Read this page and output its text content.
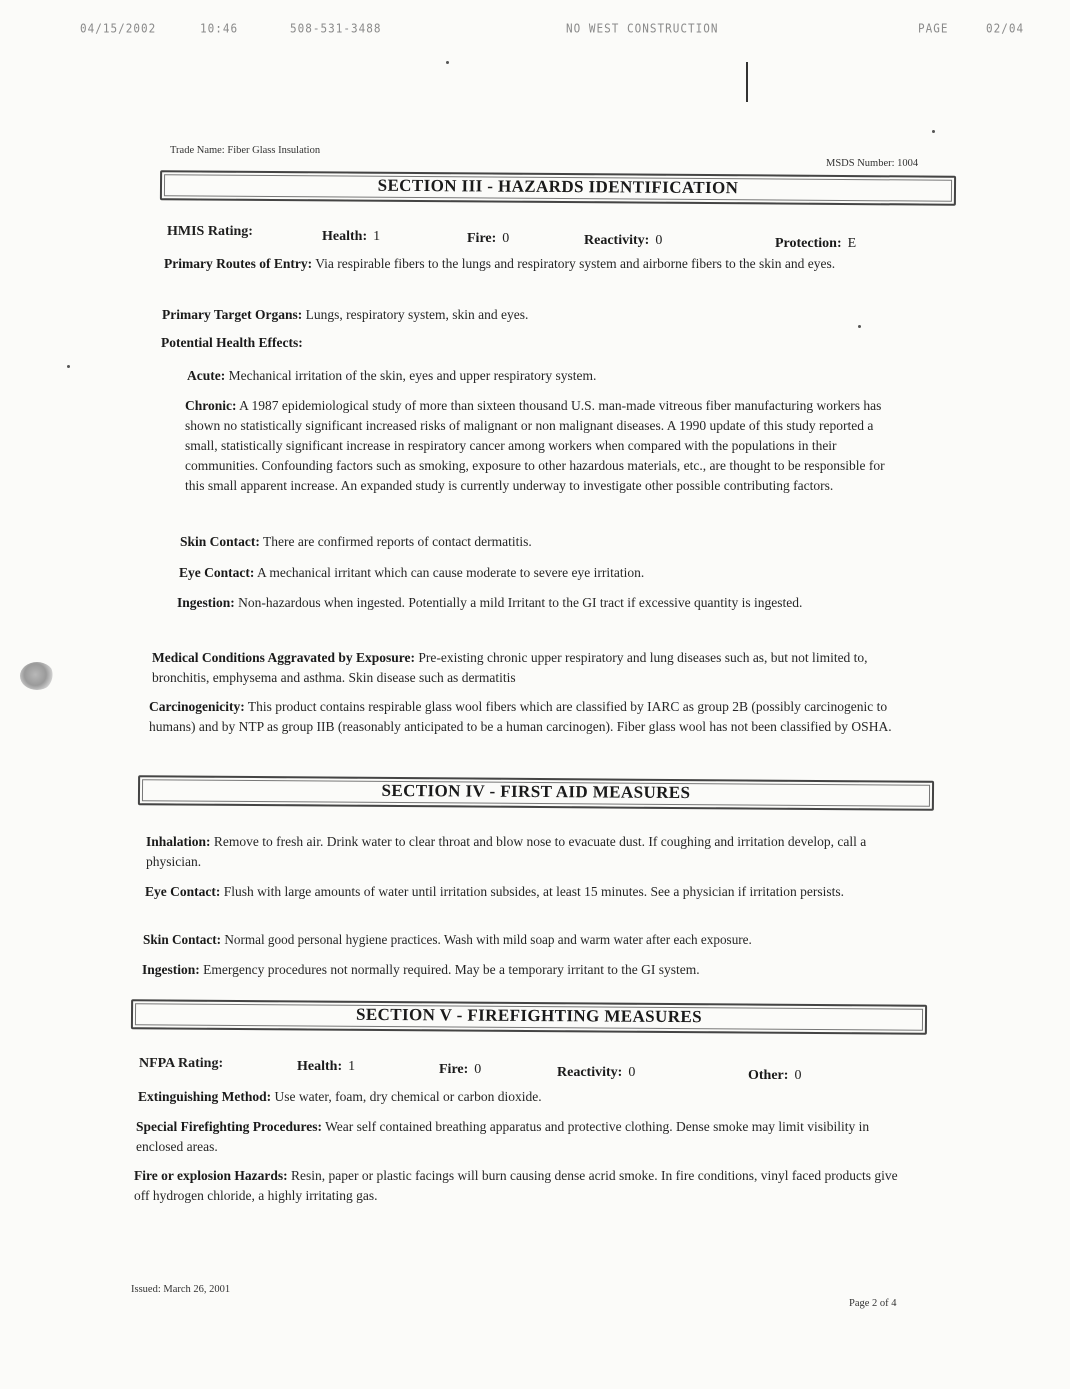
04/15/2002	10:46	508-531-3488	NO WEST CONSTRUCTION	PAGE	02/04
Trade Name: Fiber Glass Insulation
MSDS Number: 1004
SECTION III - HAZARDS IDENTIFICATION
HMIS Rating:	Health: 1	Fire: 0	Reactivity: 0	Protection: E
Primary Routes of Entry: Via respirable fibers to the lungs and respiratory system and airborne fibers to the skin and eyes.
Primary Target Organs: Lungs, respiratory system, skin and eyes.
Potential Health Effects:
Acute: Mechanical irritation of the skin, eyes and upper respiratory system.
Chronic: A 1987 epidemiological study of more than sixteen thousand U.S. man-made vitreous fiber manufacturing workers has shown no statistically significant increased risks of malignant or non malignant diseases. A 1990 update of this study reported a small, statistically significant increase in respiratory cancer among workers when compared with the populations in their communities. Confounding factors such as smoking, exposure to other hazardous materials, etc., are thought to be responsible for this small apparent increase. An expanded study is currently underway to investigate other possible contributing factors.
Skin Contact: There are confirmed reports of contact dermatitis.
Eye Contact: A mechanical irritant which can cause moderate to severe eye irritation.
Ingestion: Non-hazardous when ingested. Potentially a mild Irritant to the GI tract if excessive quantity is ingested.
Medical Conditions Aggravated by Exposure: Pre-existing chronic upper respiratory and lung diseases such as, but not limited to, bronchitis, emphysema and asthma. Skin disease such as dermatitis
Carcinogenicity: This product contains respirable glass wool fibers which are classified by IARC as group 2B (possibly carcinogenic to humans) and by NTP as group IIB (reasonably anticipated to be a human carcinogen). Fiber glass wool has not been classified by OSHA.
SECTION IV - FIRST AID MEASURES
Inhalation: Remove to fresh air. Drink water to clear throat and blow nose to evacuate dust. If coughing and irritation develop, call a physician.
Eye Contact: Flush with large amounts of water until irritation subsides, at least 15 minutes. See a physician if irritation persists.
Skin Contact: Normal good personal hygiene practices. Wash with mild soap and warm water after each exposure.
Ingestion: Emergency procedures not normally required. May be a temporary irritant to the GI system.
SECTION V - FIREFIGHTING MEASURES
NFPA Rating:	Health: 1	Fire: 0	Reactivity: 0	Other: 0
Extinguishing Method: Use water, foam, dry chemical or carbon dioxide.
Special Firefighting Procedures: Wear self contained breathing apparatus and protective clothing. Dense smoke may limit visibility in enclosed areas.
Fire or explosion Hazards: Resin, paper or plastic facings will burn causing dense acrid smoke. In fire conditions, vinyl faced products give off hydrogen chloride, a highly irritating gas.
Issued: March 26, 2001
Page 2 of 4
